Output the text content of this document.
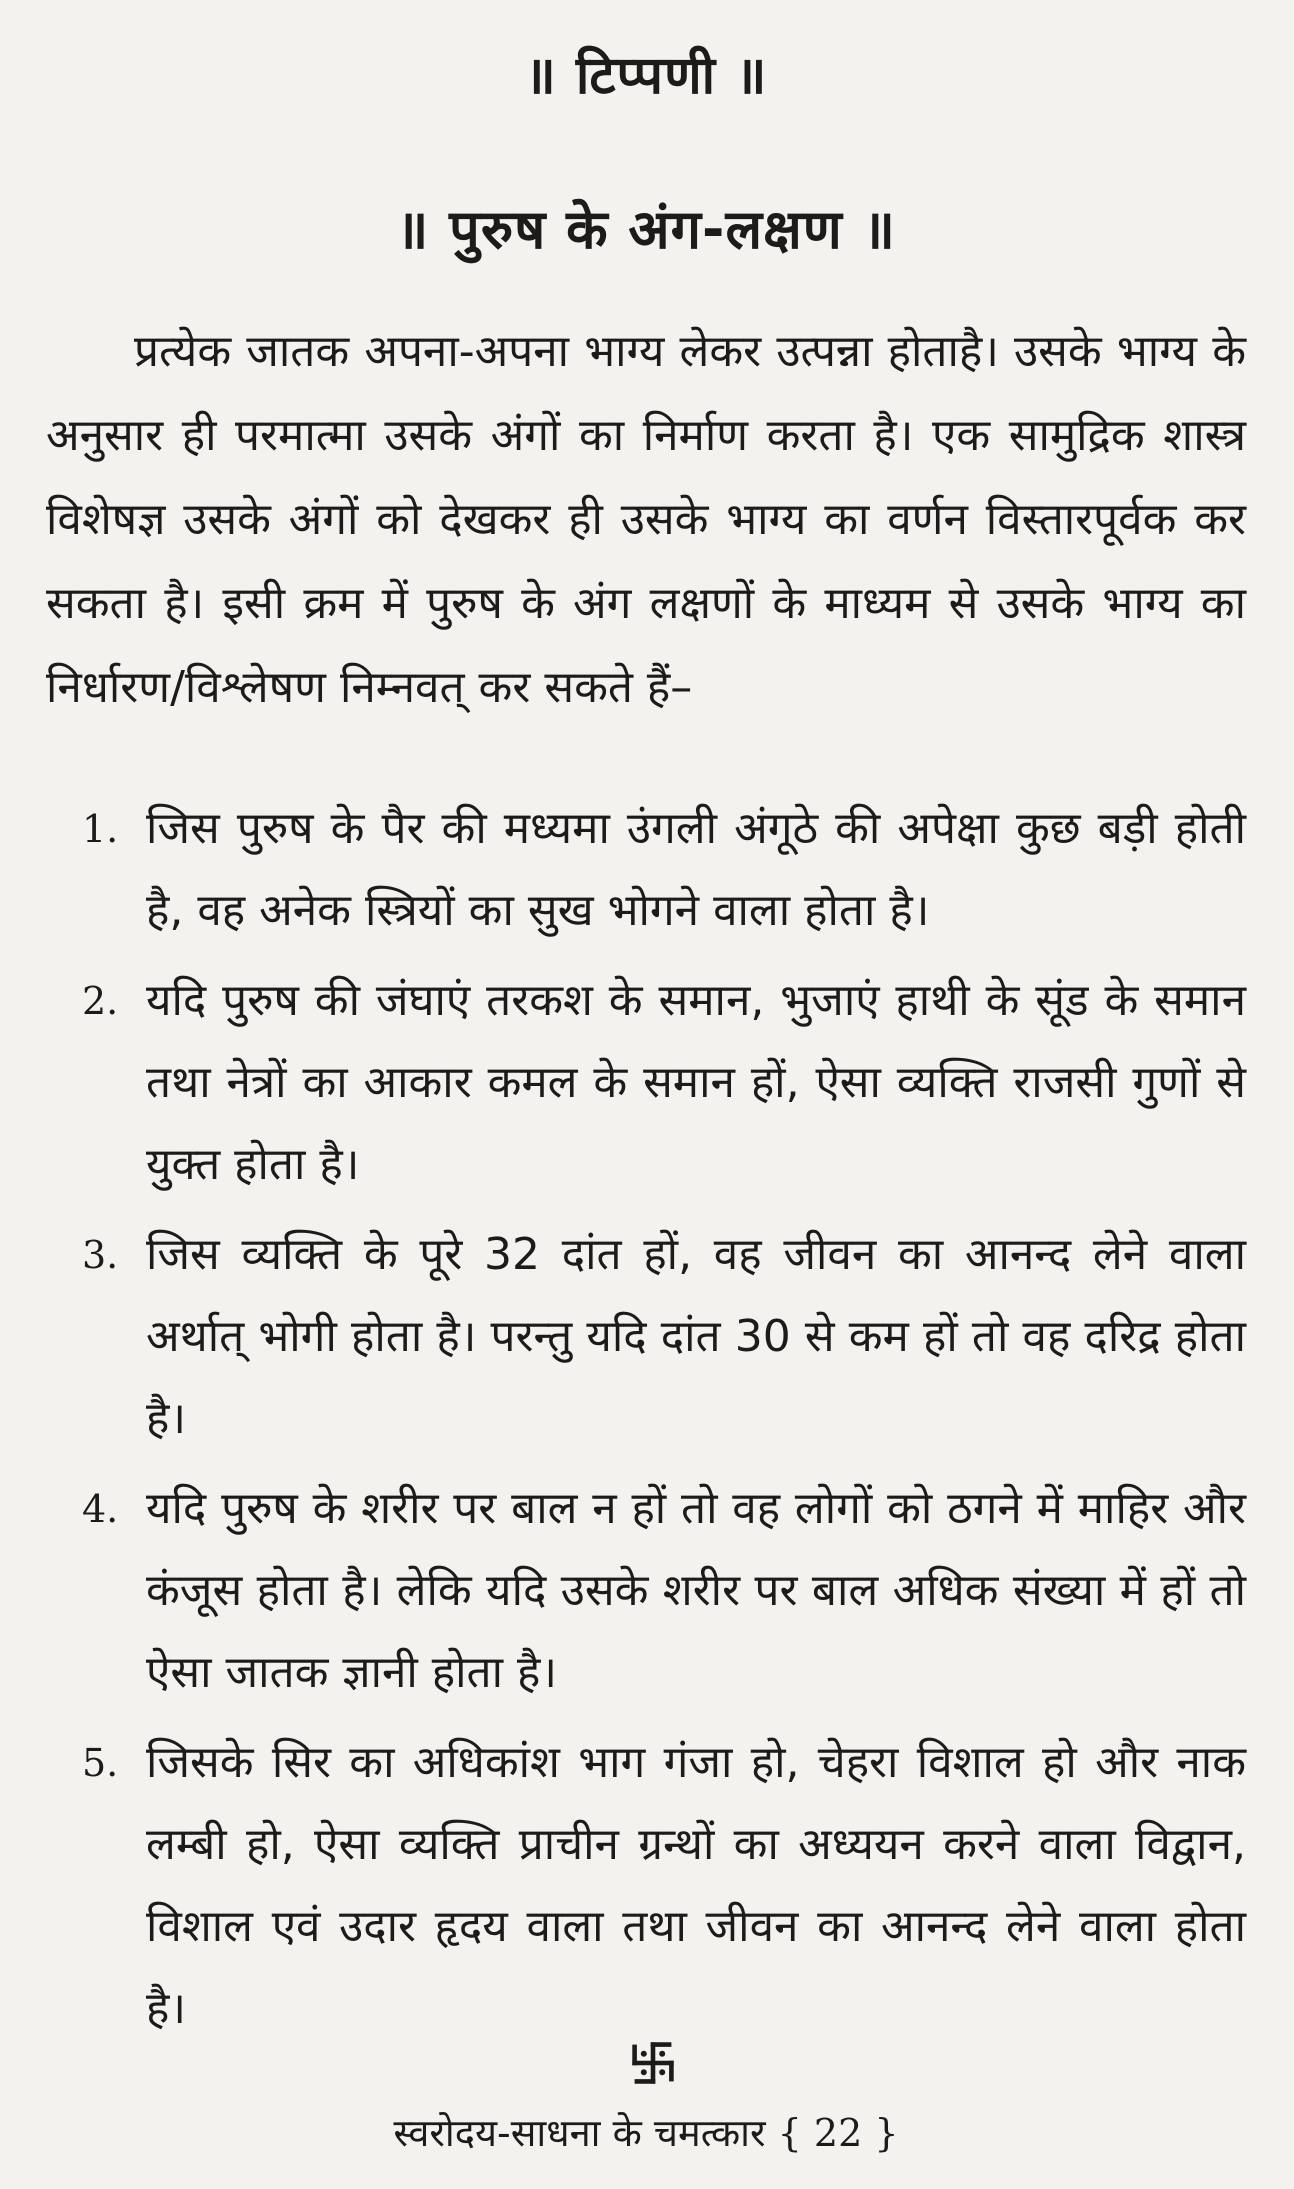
॥ टिप्पणी ॥
॥ पुरुष के अंग-लक्षण ॥

प्रत्येक जातक अपना-अपना भाग्य लेकर उत्पन्ना होताहै। उसके भाग्य के अनुसार ही परमात्मा उसके अंगों का निर्माण करता है। एक सामुद्रिक शास्त्र विशेषज्ञ उसके अंगों को देखकर ही उसके भाग्य का वर्णन विस्तारपूर्वक कर सकता है। इसी क्रम में पुरुष के अंग लक्षणों के माध्यम से उसके भाग्य का निर्धारण/विश्लेषण निम्नवत् कर सकते हैं–

1. जिस पुरुष के पैर की मध्यमा उंगली अंगूठे की अपेक्षा कुछ बड़ी होती है, वह अनेक स्त्रियों का सुख भोगने वाला होता है।
2. यदि पुरुष की जंघाएं तरकश के समान, भुजाएं हाथी के सूंड के समान तथा नेत्रों का आकार कमल के समान हों, ऐसा व्यक्ति राजसी गुणों से युक्त होता है।
3. जिस व्यक्ति के पूरे 32 दांत हों, वह जीवन का आनन्द लेने वाला अर्थात् भोगी होता है। परन्तु यदि दांत 30 से कम हों तो वह दरिद्र होता है।
4. यदि पुरुष के शरीर पर बाल न हों तो वह लोगों को ठगने में माहिर और कंजूस होता है। लेकि यदि उसके शरीर पर बाल अधिक संख्या में हों तो ऐसा जातक ज्ञानी होता है।
5. जिसके सिर का अधिकांश भाग गंजा हो, चेहरा विशाल हो और नाक लम्बी हो, ऐसा व्यक्ति प्राचीन ग्रन्थों का अध्ययन करने वाला विद्वान, विशाल एवं उदार हृदय वाला तथा जीवन का आनन्द लेने वाला होता है।
स्वरोदय-साधना के चमत्कार { 22 }
